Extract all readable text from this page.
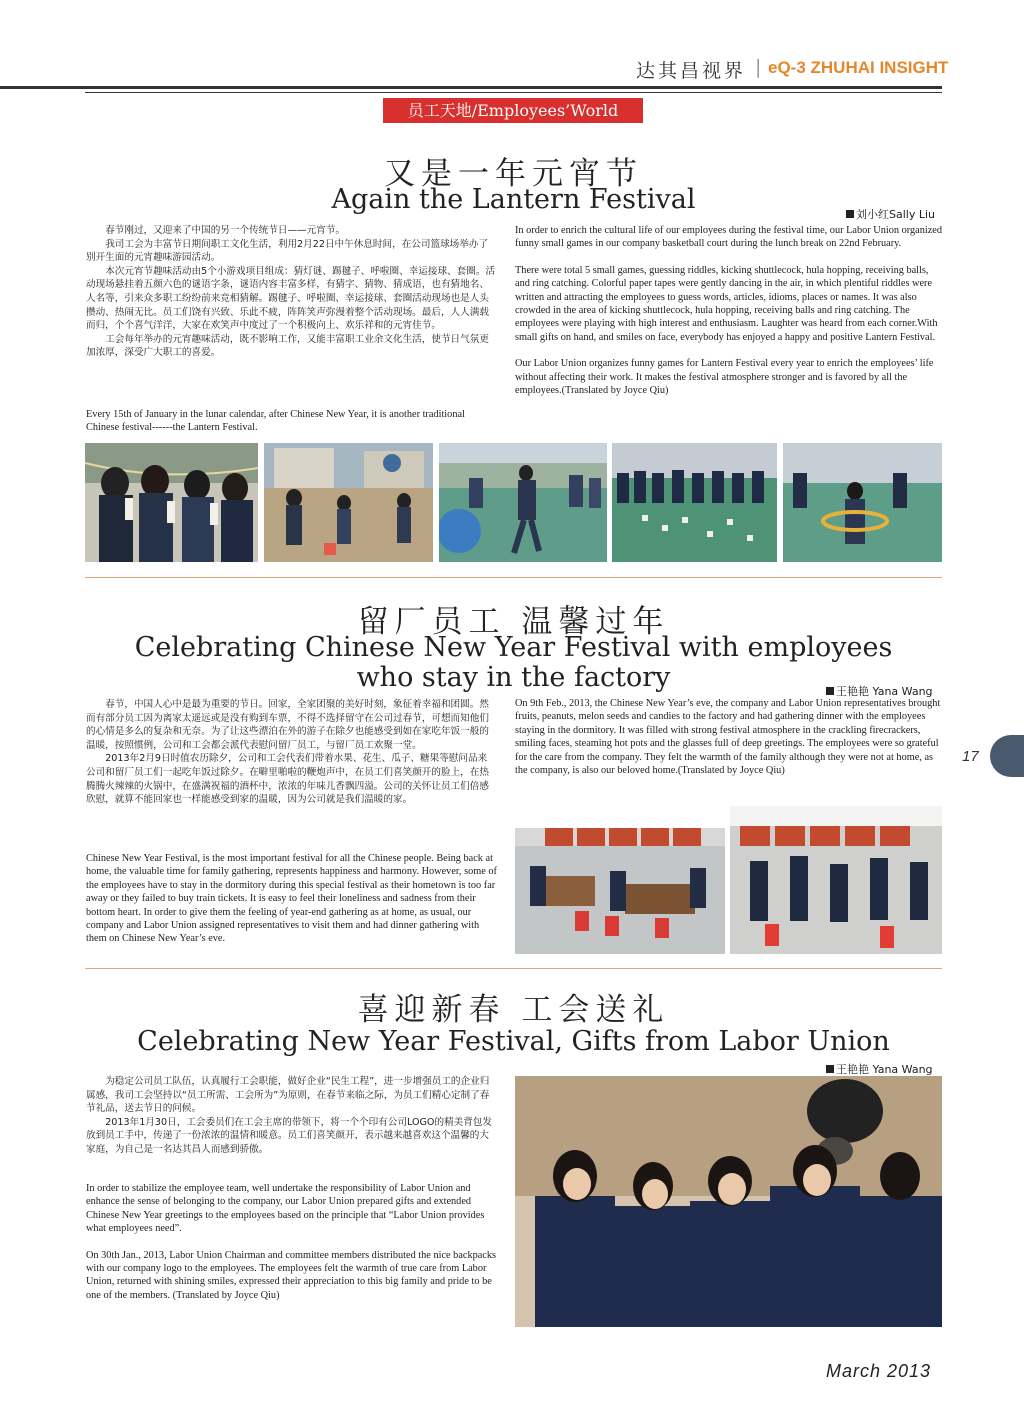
达其昌视界 | eQ-3 ZHUHAI INSIGHT
员工天地/Employees’World
又是一年元宵节
Again the Lantern Festival	刘小红Sally Liu

春节刚过，又迎来了中国的另一个传统节日——元宵节。

我司工会为丰富节日期间职工文化生活，利用2月22日中午休息时间，在公司篮球场举办了别开生面的元宵趣味游园活动。

本次元宵节趣味活动由5个小游戏项目组成：猜灯谜、踢毽子、呼啦圈、幸运接球、套圈。活动现场悬挂着五颜六色的谜语字条，谜语内容丰富多样，有猜字、猜物、猜成语，也有猜地名、人名等，引来众多职工纷纷前来竞相猜解。踢毽子、呼啦圈、幸运接球、套圈活动现场也是人头攒动、热闹无比。员工们饶有兴致、乐此不疲，阵阵笑声弥漫着整个活动现场。最后，人人满载而归，个个喜气洋洋，大家在欢笑声中度过了一个积极向上、欢乐祥和的元宵佳节。

工会每年举办的元宵趣味活动，既不影响工作，又能丰富职工业余文化生活，使节日气氛更加浓厚，深受广大职工的喜爱。

Every 15th of January in the lunar calendar, after Chinese New Year, it is another traditional Chinese festival------the Lantern Festival.

In order to enrich the cultural life of our employees during the festival time, our Labor Union organized funny small games in our company basketball court during the lunch break on 22nd February.

There were total 5 small games, guessing riddles, kicking shuttlecock, hula hopping, receiving balls, and ring catching. Colorful paper tapes were gently dancing in the air, in which plentiful riddles were written and attracting the employees to guess words, articles, idioms, places or names. It was also crowded in the area of kicking shuttlecock, hula hopping, receiving balls and ring catching. The employees were playing with high interest and enthusiasm. Laughter was heard from each corner.With small gifts on hand, and smiles on face, everybody has enjoyed a happy and positive Lantern Festival.

Our Labor Union organizes funny games for Lantern Festival every year to enrich the employees’ life without affecting their work. It makes the festival atmosphere stronger and is favored by all the employees.(Translated by Joyce Qiu)

留厂员工 温馨过年
Celebrating Chinese New Year Festival with employees
who stay in the factory	王艳艳 Yana Wang

春节，中国人心中是最为重要的节日。回家，全家团聚的美好时刻，象征着幸福和团圆。然而有部分员工因为离家太遥远或是没有购到车票，不得不选择留守在公司过春节，可想而知他们的心情是多么的复杂和无奈。为了让这些漂泊在外的游子在除夕也能感受到如在家吃年饭一般的温暖，按照惯例，公司和工会都会派代表慰问留厂员工，与留厂员工欢聚一堂。

2013年2月9日时值农历除夕，公司和工会代表们带着水果、花生、瓜子、糖果等慰问品来公司和留厂员工们一起吃年饭过除夕。在噼里啪啦的鞭炮声中，在员工们喜笑颜开的脸上，在热腾腾火辣辣的火锅中，在盛满祝福的酒杯中，浓浓的年味儿香飘四溢。公司的关怀让员工们倍感欣慰，就算不能回家也一样能感受到家的温暖，因为公司就是我们温暖的家。

Chinese New Year Festival, is the most important festival for all the Chinese people. Being back at home, the valuable time for family gathering, represents happiness and harmony. However, some of the employees have to stay in the dormitory during this special festival as their hometown is too far away or they failed to buy train tickets. It is easy to feel their loneliness and sadness from their bottom heart. In order to give them the feeling of year-end gathering as at home, as usual, our company and Labor Union assigned representatives to visit them and had dinner gathering with them on Chinese New Year’s eve.

On 9th Feb., 2013, the Chinese New Year’s eve, the company and Labor Union representatives brought fruits, peanuts, melon seeds and candies to the factory and had gathering dinner with the employees staying in the dormitory. It was filled with strong festival atmosphere in the crackling firecrackers, smiling faces, steaming hot pots and the glasses full of deep greetings. The employees were so grateful for the care from the company. They felt the warmth of the family although they were not at home, as the company, is also our beloved home.(Translated by Joyce Qiu)

喜迎新春 工会送礼
Celebrating New Year Festival, Gifts from Labor Union
王艳艳 Yana Wang

为稳定公司员工队伍，认真履行工会职能，做好企业“民生工程”，进一步增强员工的企业归属感，我司工会坚持以“员工所需、工会所为”为原则，在春节来临之际，为员工们精心定制了春节礼品，送去节日的问候。

2013年1月30日，工会委员们在工会主席的带领下，将一个个印有公司LOGO的精美背包发放到员工手中，传递了一份浓浓的温情和暖意。员工们喜笑颜开，表示越来越喜欢这个温馨的大家庭，为自己是一名达其昌人而感到骄傲。

In order to stabilize the employee team, well undertake the responsibility of Labor Union and enhance the sense of belonging to the company, our Labor Union prepared gifts and extended Chinese New Year greetings to the employees based on the principle that “Labor Union provides what employees need”.

On 30th Jan., 2013, Labor Union Chairman and committee members distributed the nice backpacks with our company logo to the employees. The employees felt the warmth of true care from Labor Union, returned with shining smiles, expressed their appreciation to this big family and pride to be one of the members. (Translated by Joyce Qiu)

17
March 2013
